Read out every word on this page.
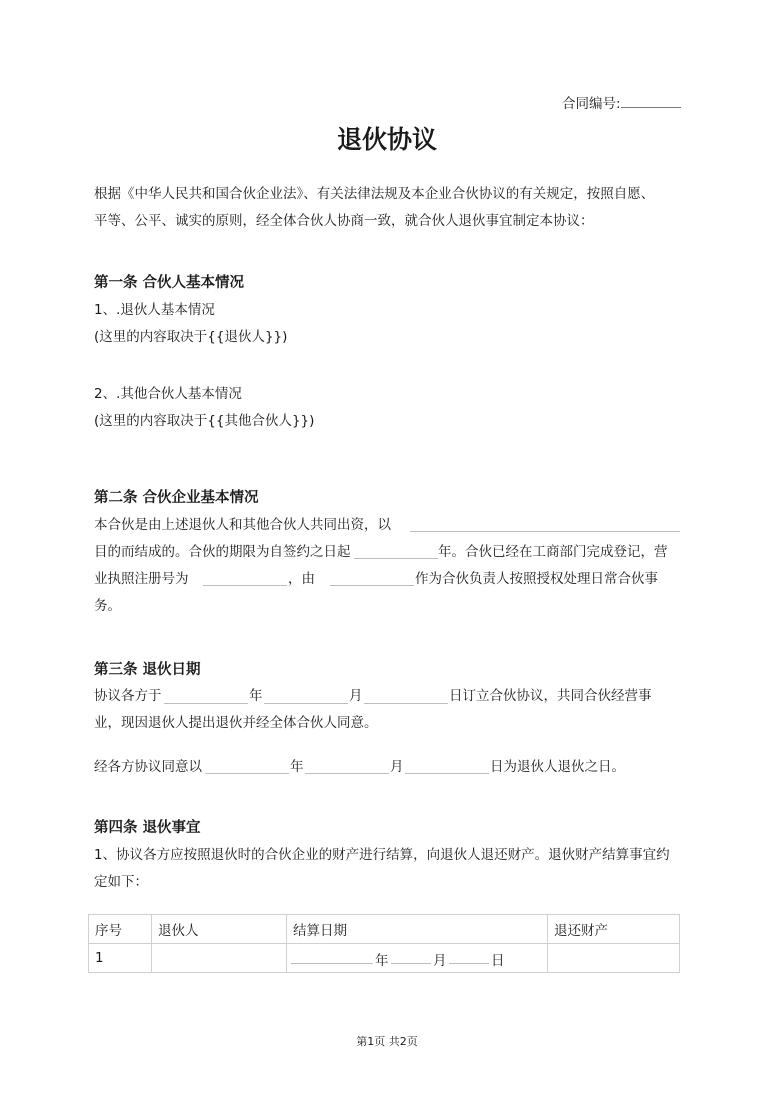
合同编号:
退伙协议
根据《中华人民共和国合伙企业法》、有关法律法规及本企业合伙协议的有关规定，按照自愿、
平等、公平、诚实的原则，经全体合伙人协商一致，就合伙人退伙事宜制定本协议：
第一条 合伙人基本情况
1、.退伙人基本情况
(这里的内容取决于{{退伙人}})
2、.其他合伙人基本情况
(这里的内容取决于{{其他合伙人}})
第二条 合伙企业基本情况
本合伙是由上述退伙人和其他合伙人共同出资，以
目的而结成的。合伙的期限为自签约之日起	年。合伙已经在工商部门完成登记，营
业执照注册号为	，由	作为合伙负责人按照授权处理日常合伙事
务。
第三条 退伙日期
协议各方于	年	月	日订立合伙协议，共同合伙经营事
业，现因退伙人提出退伙并经全体合伙人同意。
经各方协议同意以	年	月	日为退伙人退伙之日。
第四条 退伙事宜
1、协议各方应按照退伙时的合伙企业的财产进行结算，向退伙人退还财产。退伙财产结算事宜约
定如下：
序号	退伙人	结算日期	退还财产
1		年 月 日	

第1页 共2页
